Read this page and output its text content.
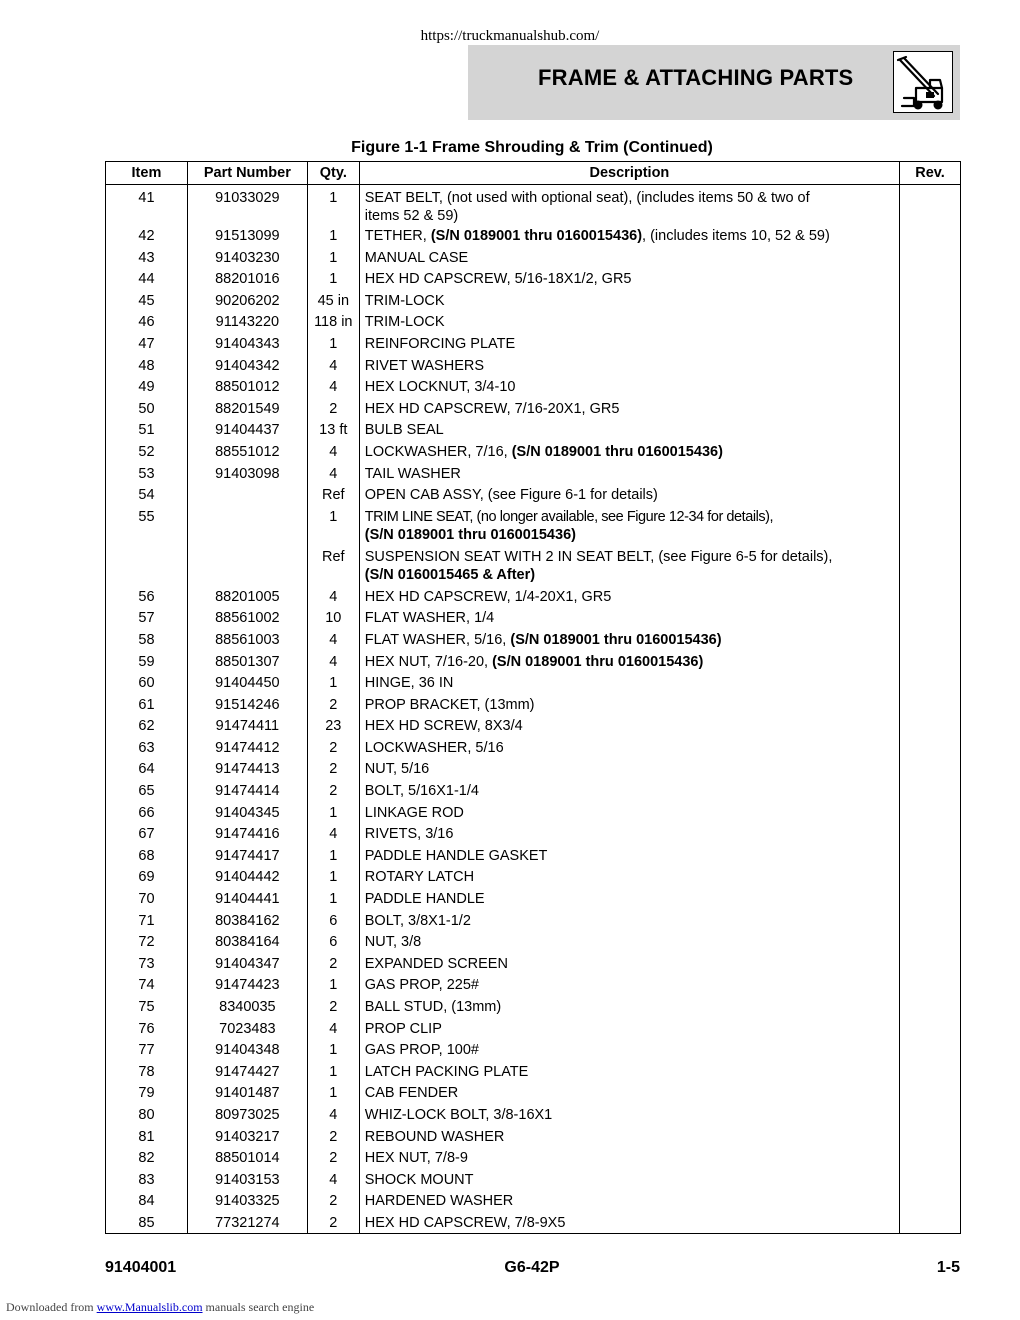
https://truckmanualshub.com/
FRAME & ATTACHING PARTS
Figure 1-1 Frame Shrouding & Trim (Continued)
Item	Part Number	Qty.	Description	Rev.
41	91033029	1	SEAT BELT, (not used with optional seat), (includes items 50 & two of
items 52 & 59)	
42	91513099	1	TETHER, (S/N 0189001 thru 0160015436), (includes items 10, 52 & 59)	
43	91403230	1	MANUAL CASE	
44	88201016	1	HEX HD CAPSCREW, 5/16-18X1/2, GR5	
45	90206202	45 in	TRIM-LOCK	
46	91143220	118 in	TRIM-LOCK	
47	91404343	1	REINFORCING PLATE	
48	91404342	4	RIVET WASHERS	
49	88501012	4	HEX LOCKNUT, 3/4-10	
50	88201549	2	HEX HD CAPSCREW, 7/16-20X1, GR5	
51	91404437	13 ft	BULB SEAL	
52	88551012	4	LOCKWASHER, 7/16, (S/N 0189001 thru 0160015436)	
53	91403098	4	TAIL WASHER	
54		Ref	OPEN CAB ASSY, (see Figure 6-1 for details)	
55		1	TRIM LINE SEAT, (no longer available, see Figure 12-34 for details),
(S/N 0189001 thru 0160015436)	
		Ref	SUSPENSION SEAT WITH 2 IN SEAT BELT, (see Figure 6-5 for details),
(S/N 0160015465 & After)	
56	88201005	4	HEX HD CAPSCREW, 1/4-20X1, GR5	
57	88561002	10	FLAT WASHER, 1/4	
58	88561003	4	FLAT WASHER, 5/16, (S/N 0189001 thru 0160015436)	
59	88501307	4	HEX NUT, 7/16-20, (S/N 0189001 thru 0160015436)	
60	91404450	1	HINGE, 36 IN	
61	91514246	2	PROP BRACKET, (13mm)	
62	91474411	23	HEX HD SCREW, 8X3/4	
63	91474412	2	LOCKWASHER, 5/16	
64	91474413	2	NUT, 5/16	
65	91474414	2	BOLT, 5/16X1-1/4	
66	91404345	1	LINKAGE ROD	
67	91474416	4	RIVETS, 3/16	
68	91474417	1	PADDLE HANDLE GASKET	
69	91404442	1	ROTARY LATCH	
70	91404441	1	PADDLE HANDLE	
71	80384162	6	BOLT, 3/8X1-1/2	
72	80384164	6	NUT, 3/8	
73	91404347	2	EXPANDED SCREEN	
74	91474423	1	GAS PROP, 225#	
75	8340035	2	BALL STUD, (13mm)	
76	7023483	4	PROP CLIP	
77	91404348	1	GAS PROP, 100#	
78	91474427	1	LATCH PACKING PLATE	
79	91401487	1	CAB FENDER	
80	80973025	4	WHIZ-LOCK BOLT, 3/8-16X1	
81	91403217	2	REBOUND WASHER	
82	88501014	2	HEX NUT, 7/8-9	
83	91403153	4	SHOCK MOUNT	
84	91403325	2	HARDENED WASHER	
85	77321274	2	HEX HD CAPSCREW, 7/8-9X5	
91404001	G6-42P	1-5
Downloaded from www.Manualslib.com manuals search engine
